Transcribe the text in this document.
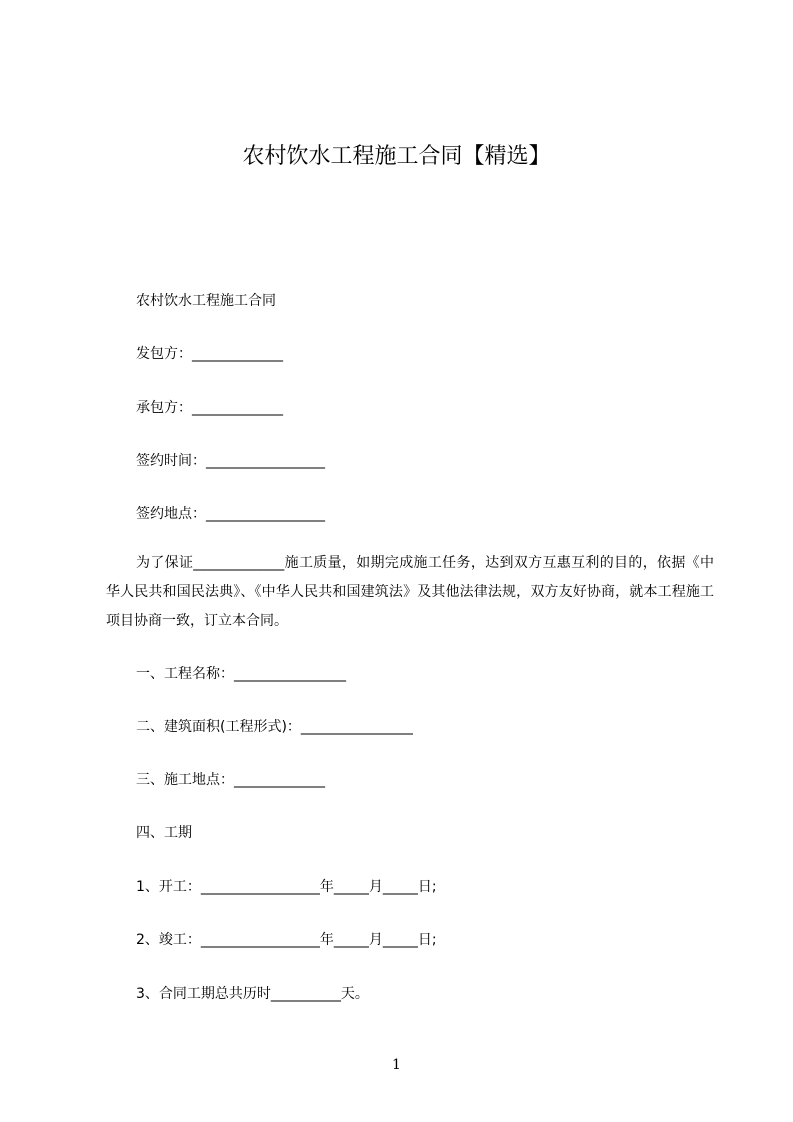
农村饮水工程施工合同【精选】
农村饮水工程施工合同
发包方：_____________
承包方：_____________
签约时间：_________________
签约地点：_________________
为了保证_____________施工质量，如期完成施工任务，达到双方互惠互利的目的，依据《中华人民共和国民法典》、《中华人民共和国建筑法》及其他法律法规，双方友好协商，就本工程施工项目协商一致，订立本合同。
一、工程名称：________________
二、建筑面积(工程形式)：________________
三、施工地点：_____________
四、工期
1、开工：_________________年_____月_____日;
2、竣工：_________________年_____月_____日;
3、合同工期总共历时__________天。
1
